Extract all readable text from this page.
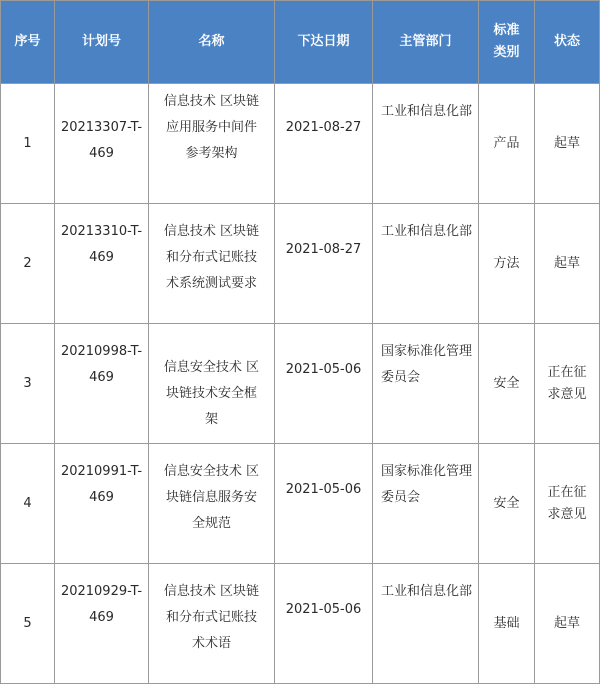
序号	计划号	名称	下达日期	主管部门	标准类别	状态
1	20213307-T-469	信息技术 区块链应用服务中间件参考架构	2021-08-27	工业和信息化部	产品	起草
2	20213310-T-469	信息技术 区块链和分布式记账技术系统测试要求	2021-08-27	工业和信息化部	方法	起草
3	20210998-T-469	信息安全技术 区块链技术安全框架	2021-05-06	国家标准化管理委员会	安全	正在征求意见

4	20210991-T-469	信息安全技术 区块链信息服务安全规范	2021-05-06	国家标准化管理委员会	安全	正在征求意见

5	20210929-T-469	信息技术 区块链和分布式记账技术术语	2021-05-06	工业和信息化部	基础	起草
